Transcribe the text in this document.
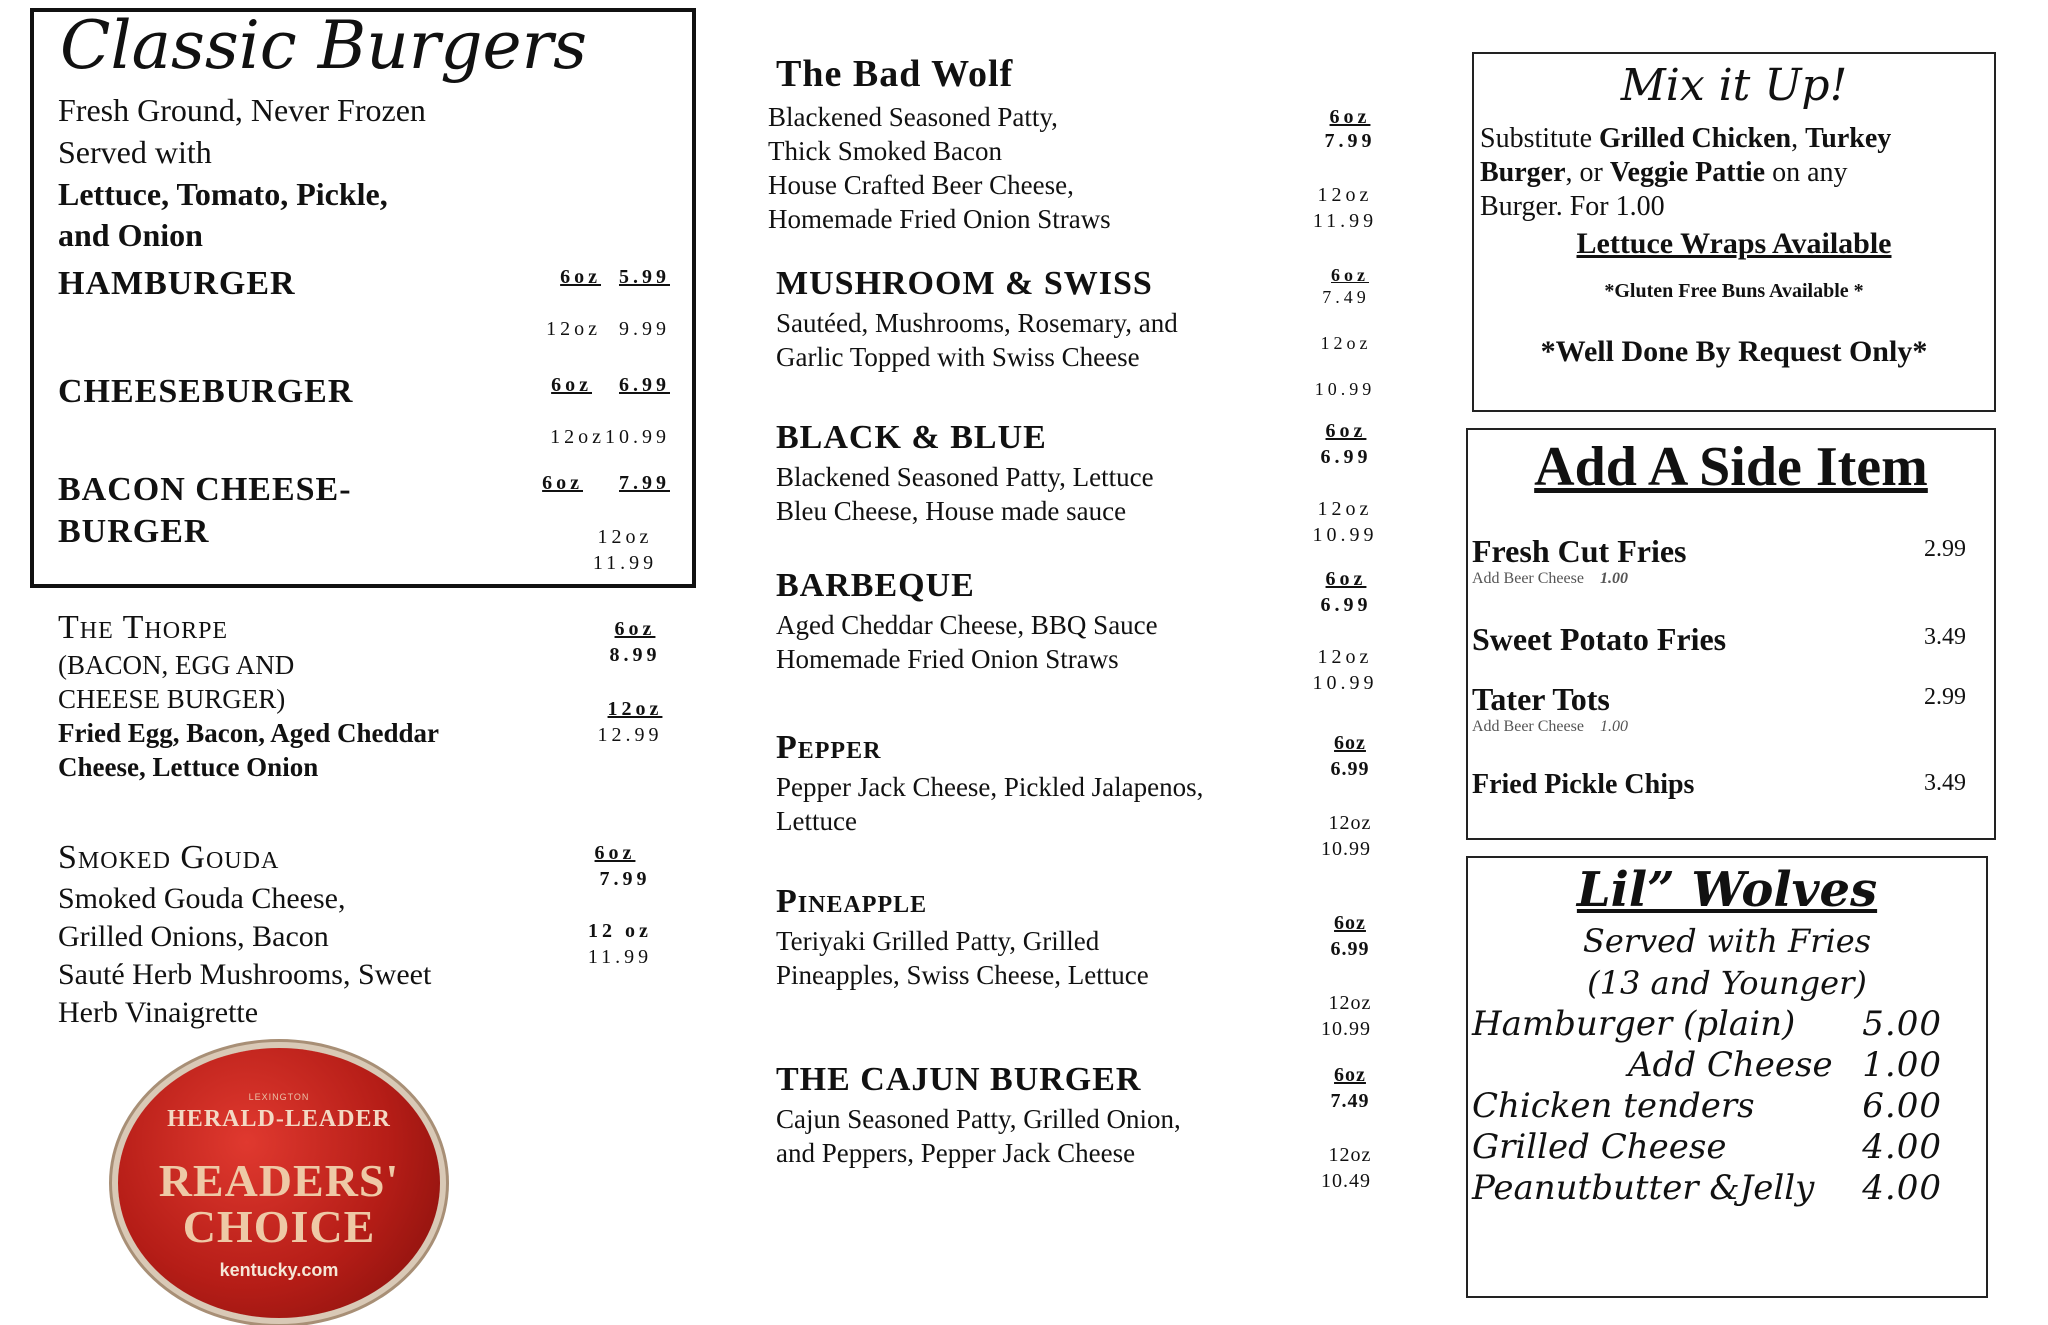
Classic Burgers
Fresh Ground, Never Frozen
Served with
Lettuce, Tomato, Pickle,
and Onion
HAMBURGER	6oz 5.99
12oz 9.99
CHEESEBURGER	6oz 6.99
12oz10.99
BACON CHEESE-
BURGER
6oz 7.99
12oz
11.99
The Thorpe
(BACON, EGG AND
CHEESE BURGER)
Fried Egg, Bacon, Aged Cheddar
Cheese, Lettuce Onion
6oz
8.99
12oz
12.99
Smoked Gouda
Smoked Gouda Cheese,
Grilled Onions, Bacon
Sauté Herb Mushrooms, Sweet
Herb Vinaigrette
6oz
7.99
12 oz
11.99
LEXINGTON
HERALD-LEADER
READERS'
CHOICE
kentucky.com
The Bad Wolf
Blackened Seasoned Patty,
Thick Smoked Bacon
House Crafted Beer Cheese,
Homemade Fried Onion Straws
6oz
7.99
12oz
11.99
MUSHROOM & SWISS
Sautéed, Mushrooms, Rosemary, and
Garlic Topped with Swiss Cheese
6oz
7.49
12oz
10.99
BLACK & BLUE
Blackened Seasoned Patty, Lettuce
Bleu Cheese, House made sauce
6oz
6.99
12oz
10.99
BARBEQUE
Aged Cheddar Cheese, BBQ Sauce
Homemade Fried Onion Straws
6oz
6.99
12oz
10.99
Pepper
Pepper Jack Cheese, Pickled Jalapenos,
Lettuce
6oz
6.99
12oz
10.99
Pineapple
Teriyaki Grilled Patty, Grilled
Pineapples, Swiss Cheese, Lettuce
6oz
6.99
12oz
10.99
THE CAJUN BURGER
Cajun Seasoned Patty, Grilled Onion,
and Peppers, Pepper Jack Cheese
6oz
7.49
12oz
10.49
Mix it Up!
Substitute Grilled Chicken, Turkey
Burger, or Veggie Pattie on any
Burger. For 1.00
Lettuce Wraps Available
*Gluten Free Buns Available *
*Well Done By Request Only*
Add A Side Item
Fresh Cut Fries	2.99
Add Beer Cheese 1.00
Sweet Potato Fries	3.49
Tater Tots	2.99
Add Beer Cheese 1.00
Fried Pickle Chips	3.49
Lil” Wolves
Served with Fries
(13 and Younger)
Hamburger (plain) 5.00
Add Cheese 1.00
Chicken tenders	6.00
Grilled Cheese	4.00
Peanutbutter &Jelly 4.00
